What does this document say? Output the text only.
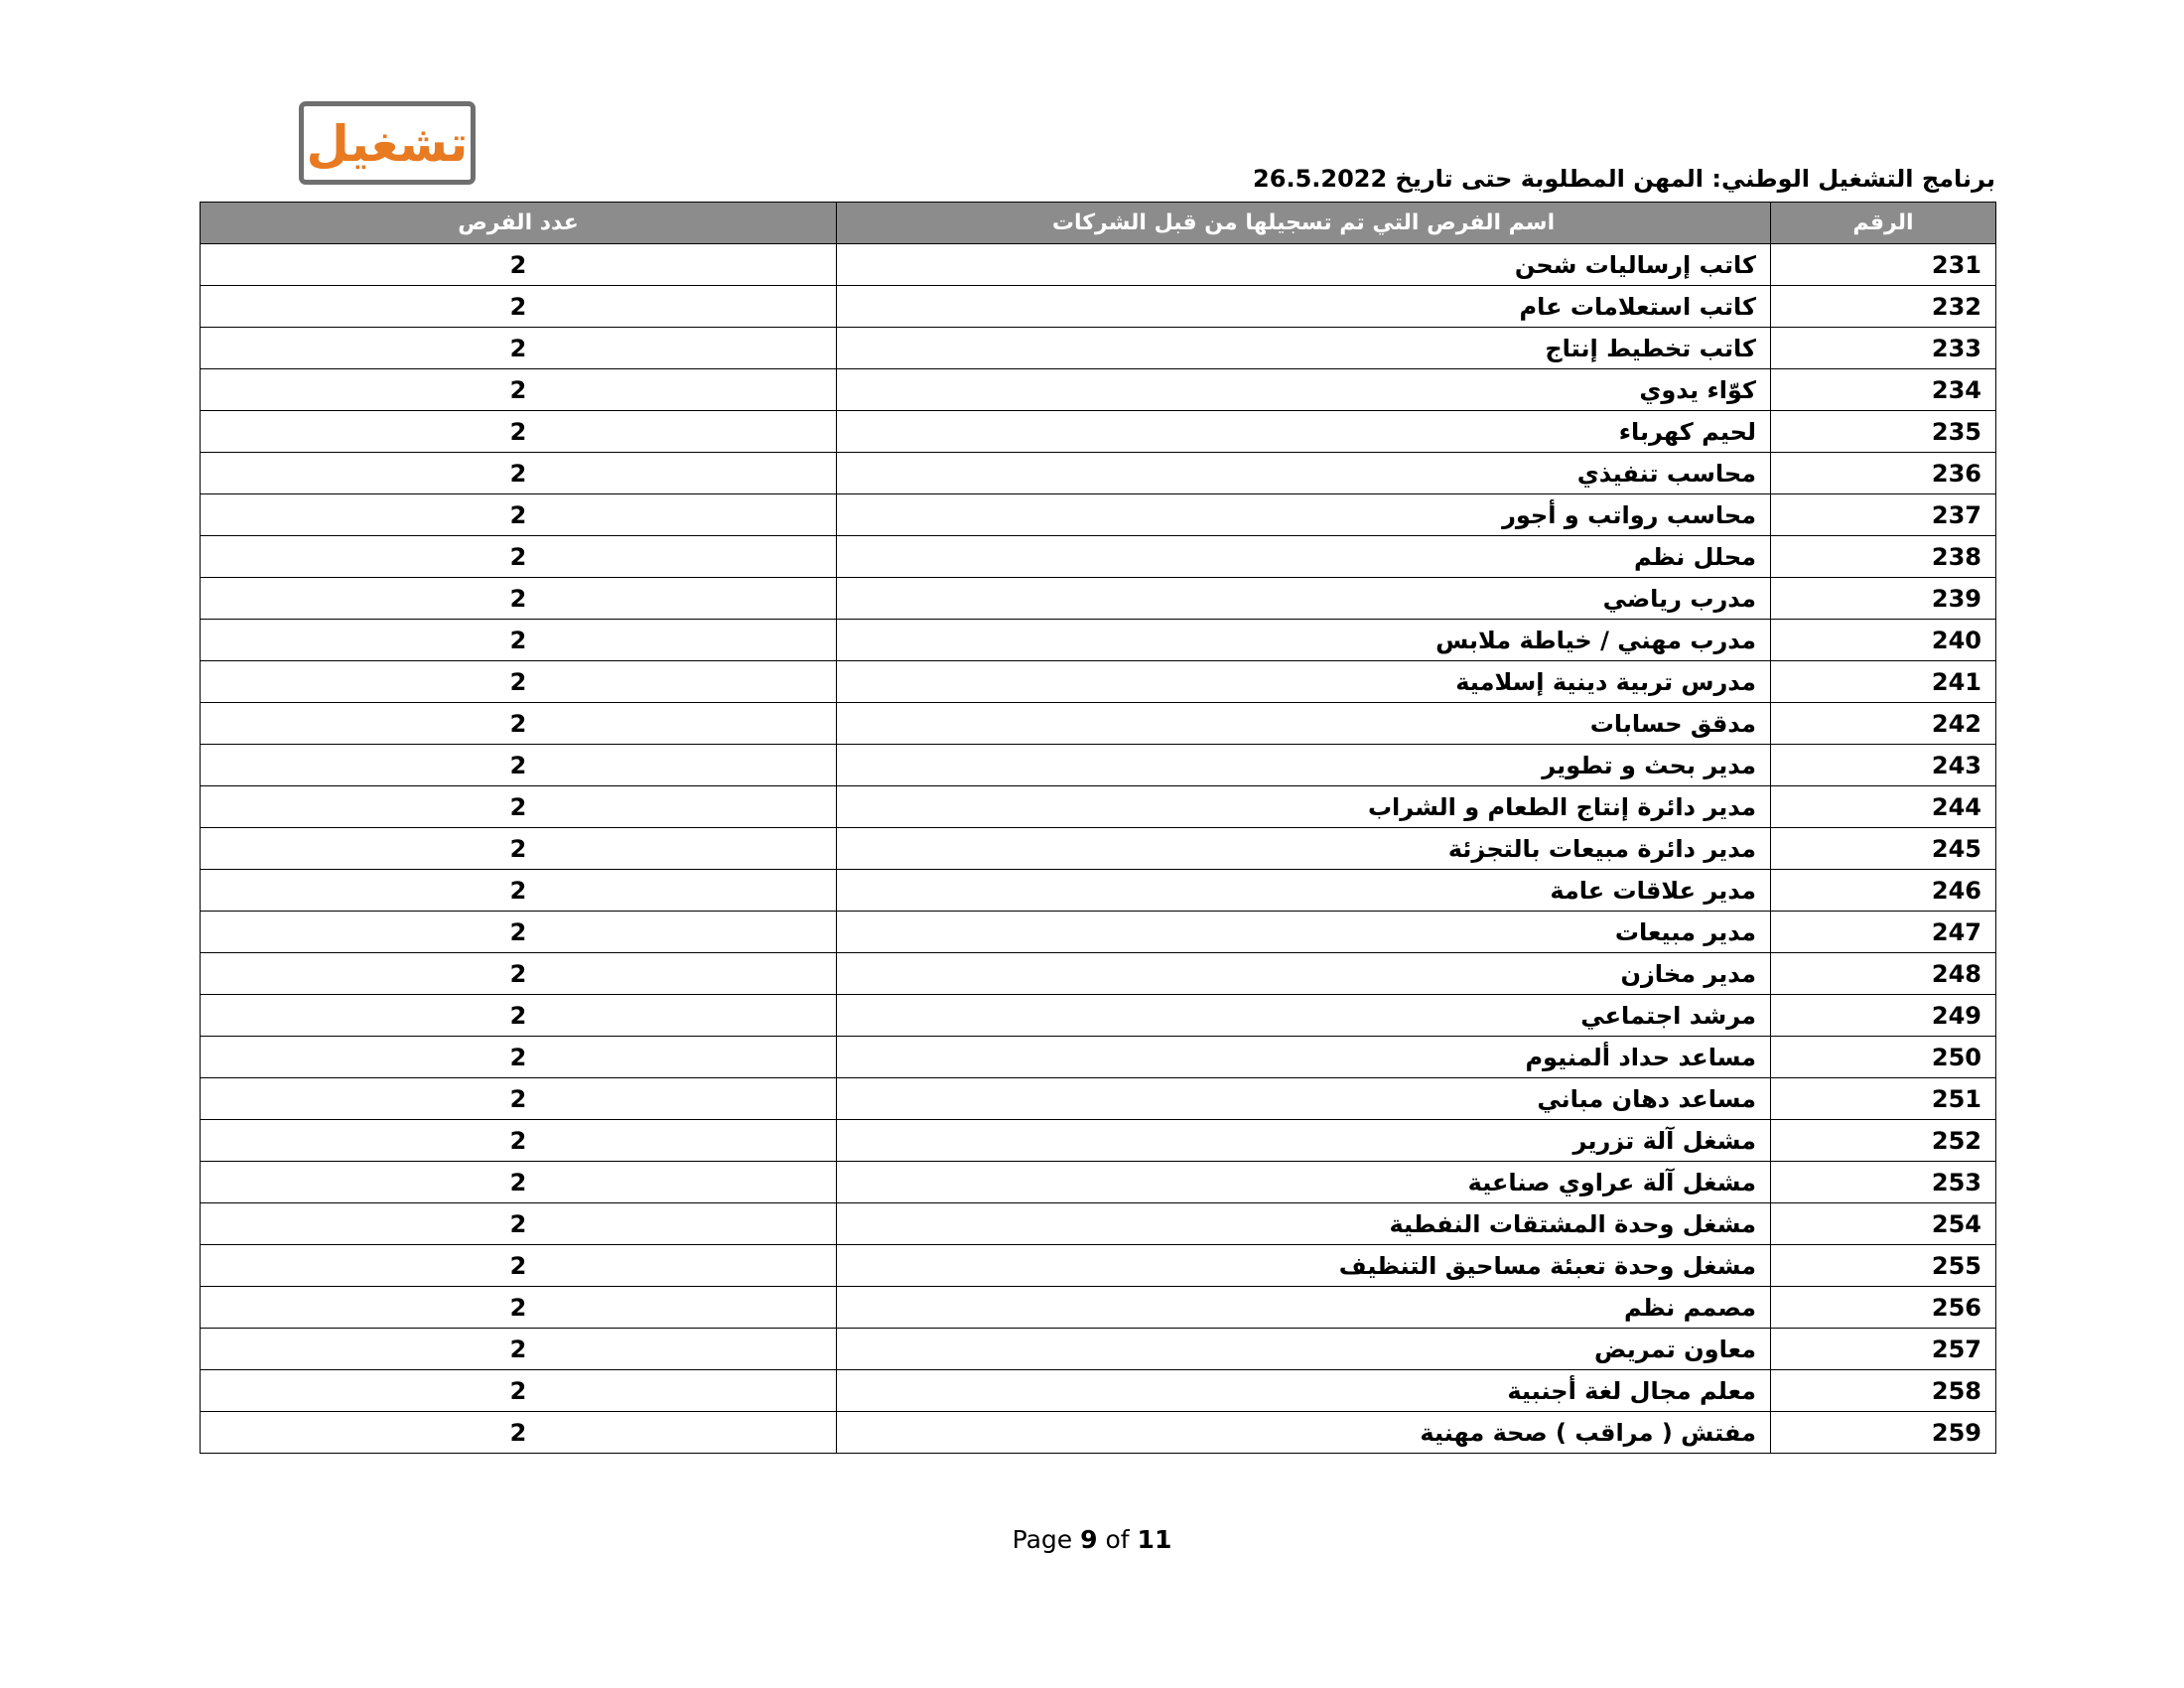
تشغيل
برنامج التشغيل الوطني: المهن المطلوبة حتى تاريخ 26.5.2022
الرقم	اسم الفرص التي تم تسجيلها من قبل الشركات	عدد الفرص
231	كاتب إرساليات شحن	2
232	كاتب استعلامات عام	2
233	كاتب تخطيط إنتاج	2
234	كوّاء يدوي	2
235	لحيم كهرباء	2
236	محاسب تنفيذي	2
237	محاسب رواتب و أجور	2
238	محلل نظم	2
239	مدرب رياضي	2
240	مدرب مهني / خياطة ملابس	2
241	مدرس تربية دينية إسلامية	2
242	مدقق حسابات	2
243	مدير بحث و تطوير	2
244	مدير دائرة إنتاج الطعام و الشراب	2
245	مدير دائرة مبيعات بالتجزئة	2
246	مدير علاقات عامة	2
247	مدير مبيعات	2
248	مدير مخازن	2
249	مرشد اجتماعي	2
250	مساعد حداد ألمنيوم	2
251	مساعد دهان مباني	2
252	مشغل آلة تزرير	2
253	مشغل آلة عراوي صناعية	2
254	مشغل وحدة المشتقات النفطية	2
255	مشغل وحدة تعبئة مساحيق التنظيف	2
256	مصمم نظم	2
257	معاون تمريض	2
258	معلم مجال لغة أجنبية	2
259	مفتش ( مراقب ) صحة مهنية	2
Page 9 of 11
